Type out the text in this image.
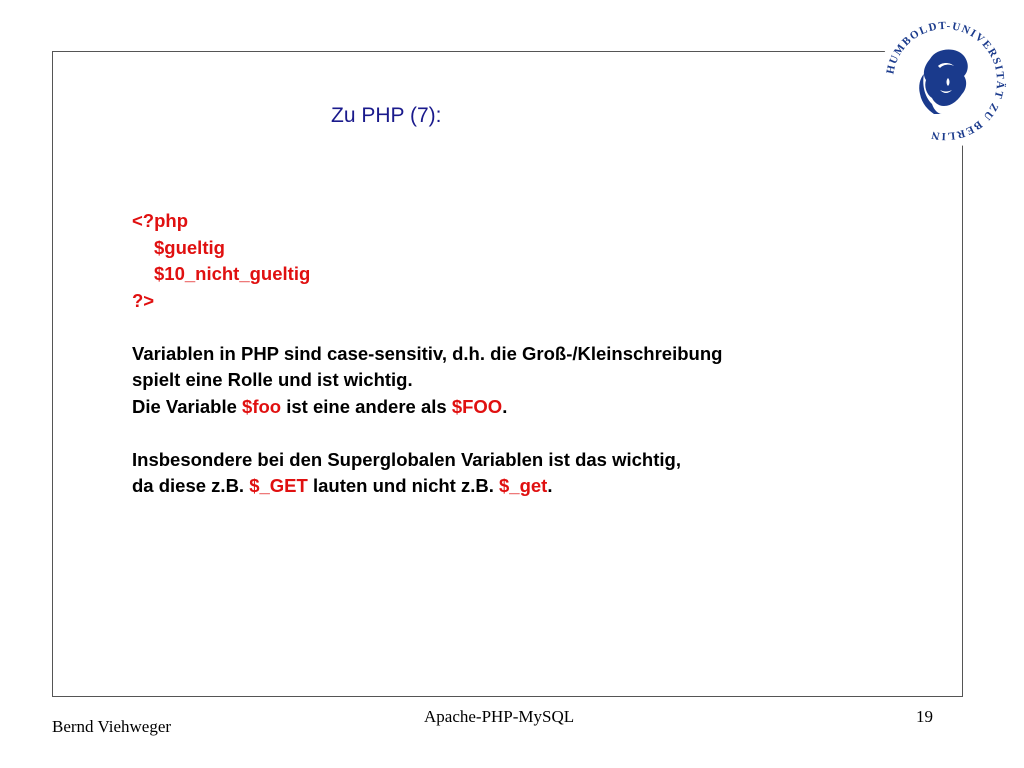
HUMBOLDT-UNIVERSITÄT ZU BERLIN
Zu PHP (7):
<?php
$gueltig
$10_nicht_gueltig
?>
Variablen in PHP sind case-sensitiv, d.h. die Groß-/Kleinschreibung
spielt eine Rolle und ist wichtig.
Die Variable $foo ist eine andere als $FOO.
Insbesondere bei den Superglobalen Variablen ist das wichtig,
da diese z.B. $_GET lauten und nicht z.B. $_get.
Bernd Viehweger
Apache-PHP-MySQL	19
